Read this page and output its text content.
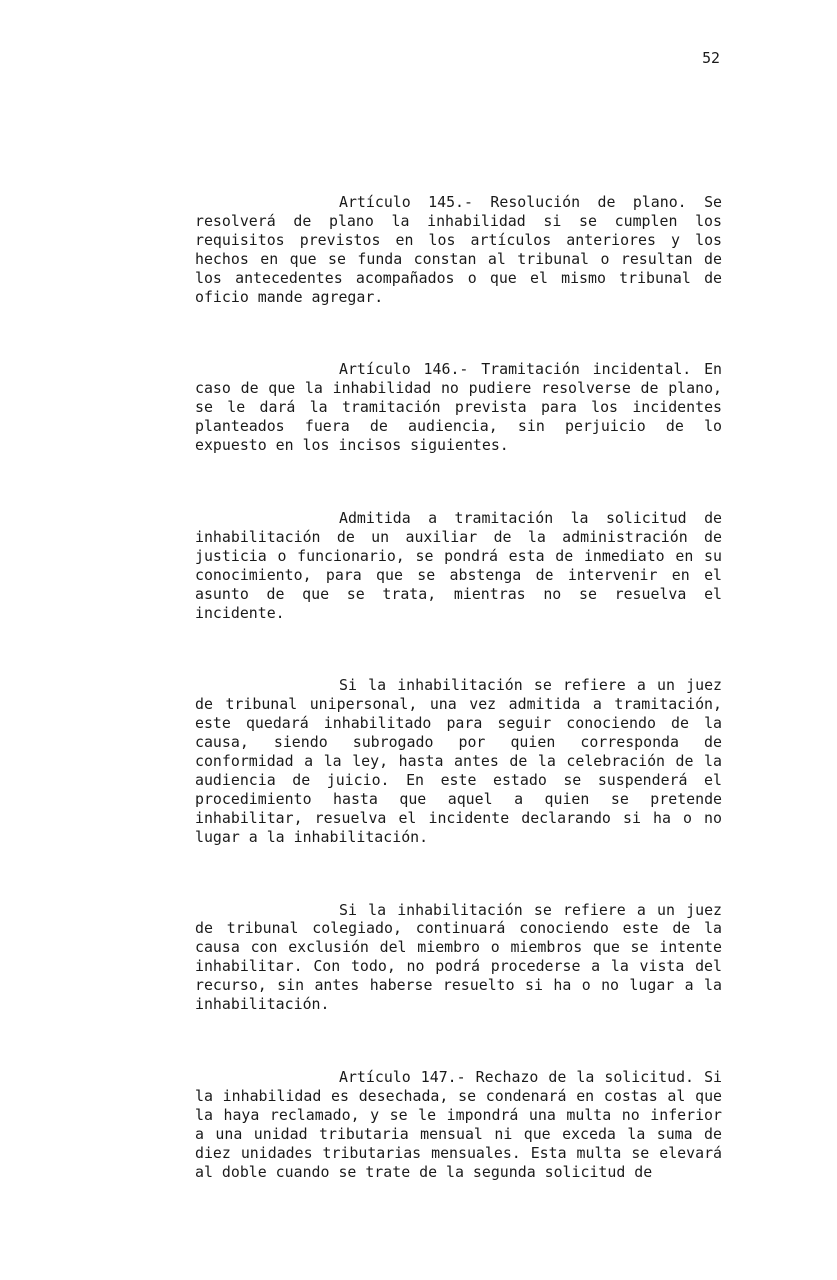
52

Artículo 145.- Resolución de plano. Se resolverá de plano la inhabilidad si se cumplen los requisitos previstos en los artículos anteriores y los hechos en que se funda constan al tribunal o resultan de los antecedentes acompañados o que el mismo tribunal de oficio mande agregar.

Artículo 146.- Tramitación incidental. En caso de que la inhabilidad no pudiere resolverse de plano, se le dará la tramitación prevista para los incidentes planteados fuera de audiencia, sin perjuicio de lo expuesto en los incisos siguientes.

Admitida a tramitación la solicitud de inhabilitación de un auxiliar de la administración de justicia o funcionario, se pondrá esta de inmediato en su conocimiento, para que se abstenga de intervenir en el asunto de que se trata, mientras no se resuelva el incidente.

Si la inhabilitación se refiere a un juez de tribunal unipersonal, una vez admitida a tramitación, este quedará inhabilitado para seguir conociendo de la causa, siendo subrogado por quien corresponda de conformidad a la ley, hasta antes de la celebración de la audiencia de juicio. En este estado se suspenderá el procedimiento hasta que aquel a quien se pretende inhabilitar, resuelva el incidente declarando si ha o no lugar a la inhabilitación.

Si la inhabilitación se refiere a un juez de tribunal colegiado, continuará conociendo este de la causa con exclusión del miembro o miembros que se intente inhabilitar. Con todo, no podrá procederse a la vista del recurso, sin antes haberse resuelto si ha o no lugar a la inhabilitación.

Artículo 147.- Rechazo de la solicitud. Si la inhabilidad es desechada, se condenará en costas al que la haya reclamado, y se le impondrá una multa no inferior a una unidad tributaria mensual ni que exceda la suma de diez unidades tributarias mensuales. Esta multa se elevará al doble cuando se trate de la segunda solicitud de
